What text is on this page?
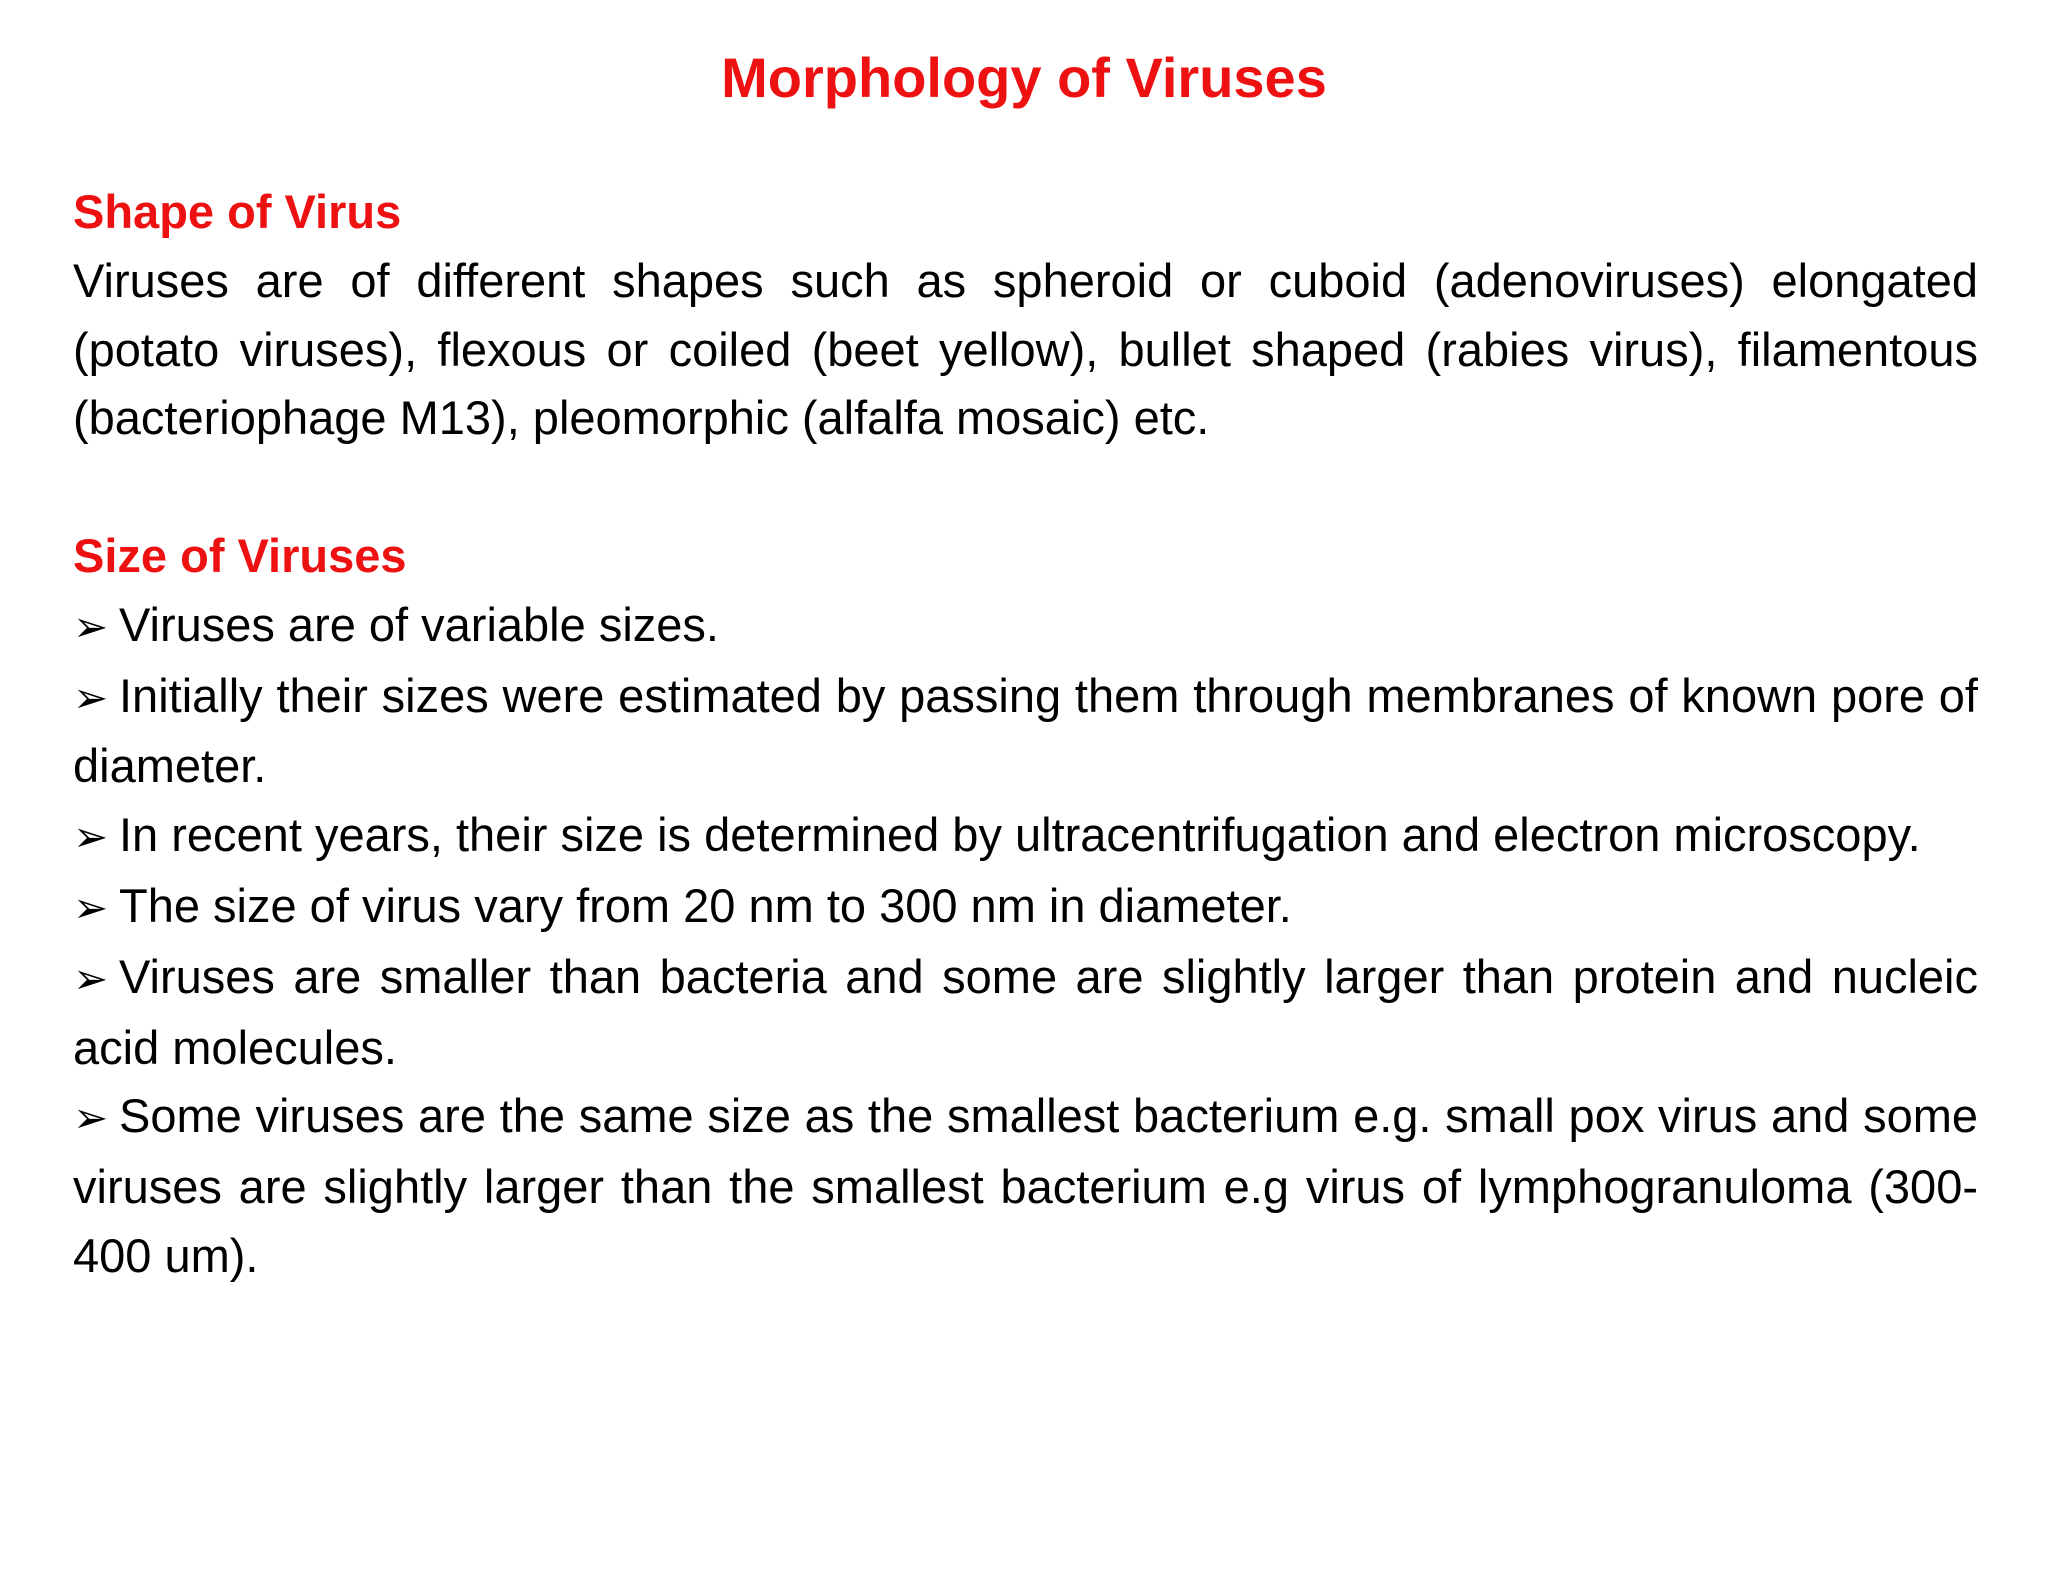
Morphology of Viruses
Shape of Virus

Viruses are of different shapes such as spheroid or cuboid (adenoviruses) elongated (potato viruses), flexous or coiled (beet yellow), bullet shaped (rabies virus), filamentous (bacteriophage M13), pleomorphic (alfalfa mosaic) etc.

Size of Viruses
➢ Viruses are of variable sizes.
➢ Initially their sizes were estimated by passing them through membranes of known pore of diameter.
➢ In recent years, their size is determined by ultracentrifugation and electron microscopy.
➢ The size of virus vary from 20 nm to 300 nm in diameter.
➢ Viruses are smaller than bacteria and some are slightly larger than protein and nucleic acid molecules.
➢ Some viruses are the same size as the smallest bacterium e.g. small pox virus and some viruses are slightly larger than the smallest bacterium e.g virus of lymphogranuloma (300-400 um).
